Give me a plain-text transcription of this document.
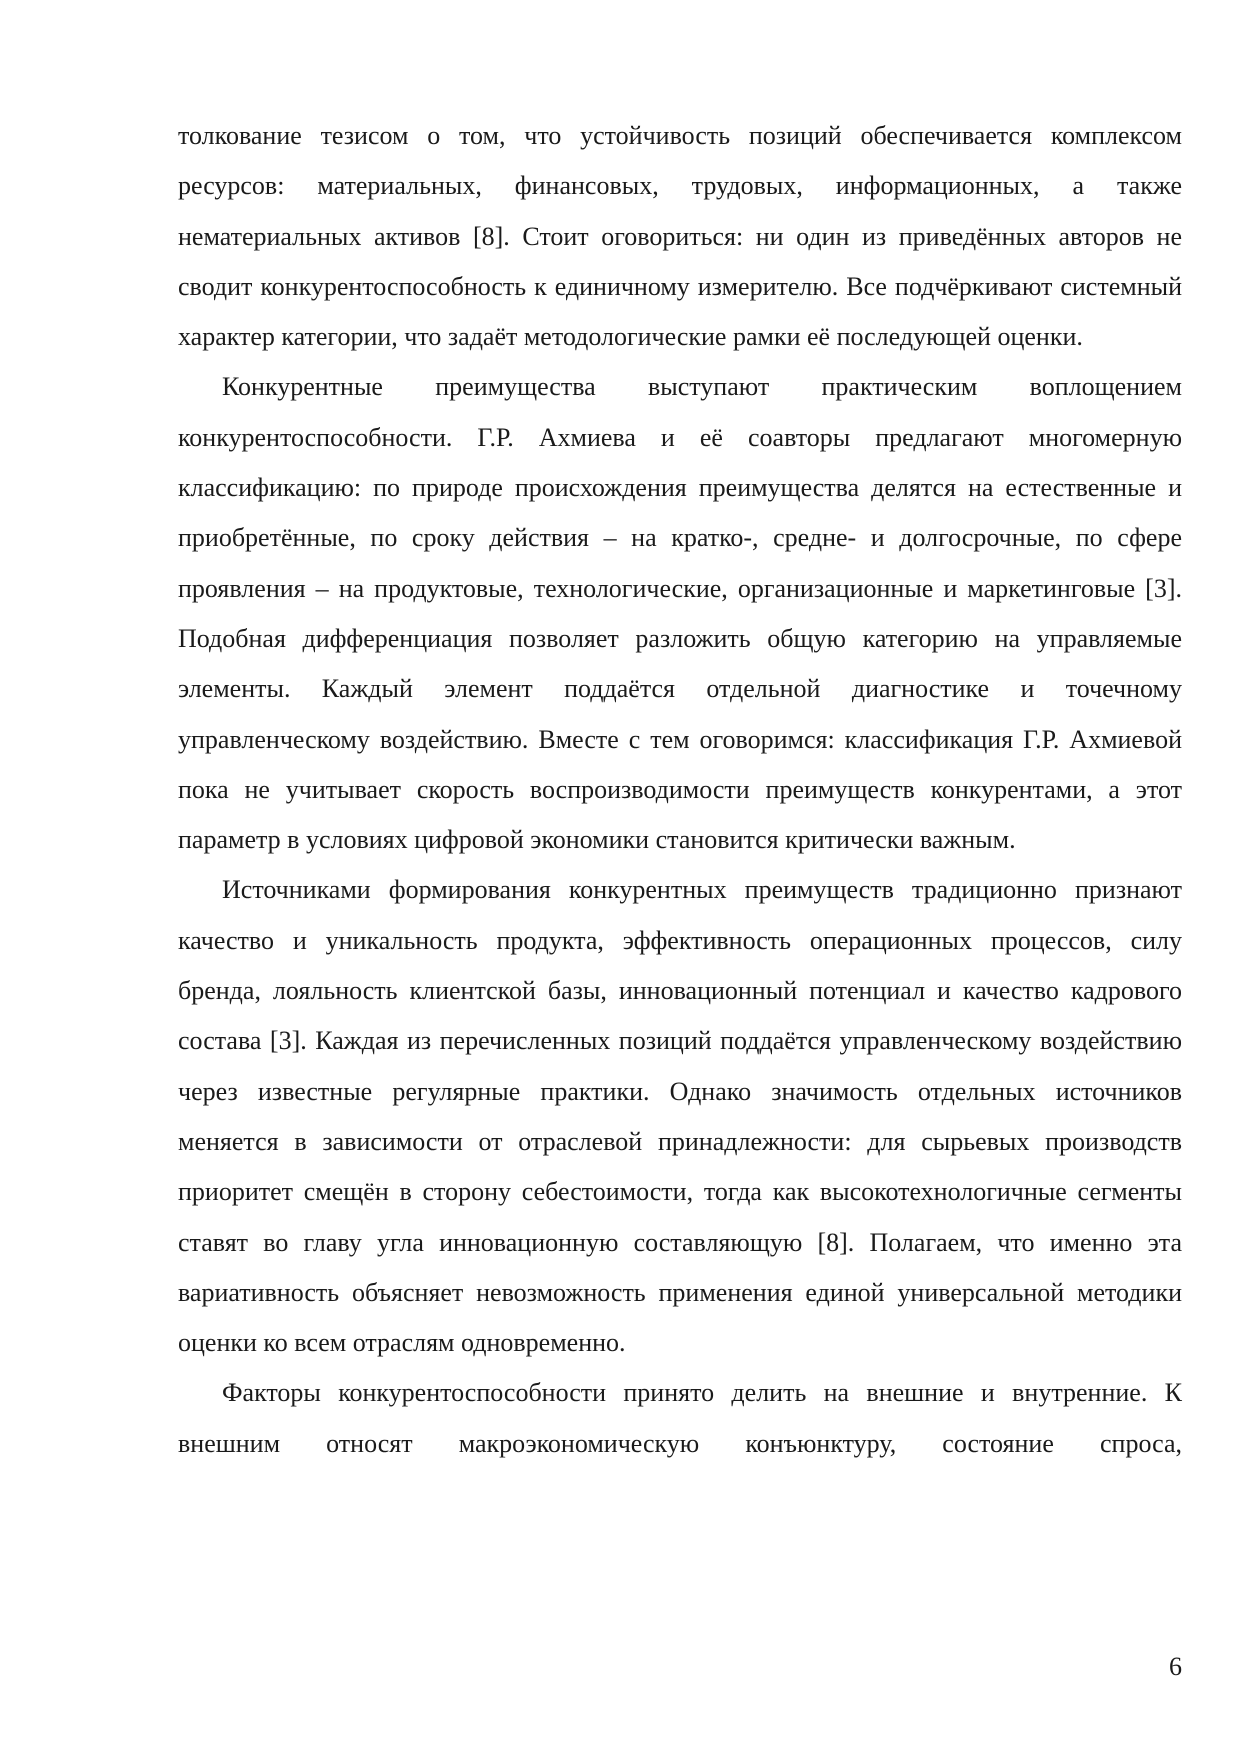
толкование тезисом о том, что устойчивость позиций обеспечивается комплексом ресурсов: материальных, финансовых, трудовых, информационных, а также нематериальных активов [8]. Стоит оговориться: ни один из приведённых авторов не сводит конкурентоспособность к единичному измерителю. Все подчёркивают системный характер категории, что задаёт методологические рамки её последующей оценки.

Конкурентные преимущества выступают практическим воплощением конкурентоспособности. Г.Р. Ахмиева и её соавторы предлагают многомерную классификацию: по природе происхождения преимущества делятся на естественные и приобретённые, по сроку действия – на кратко-, средне- и долгосрочные, по сфере проявления – на продуктовые, технологические, организационные и маркетинговые [3]. Подобная дифференциация позволяет разложить общую категорию на управляемые элементы. Каждый элемент поддаётся отдельной диагностике и точечному управленческому воздействию. Вместе с тем оговоримся: классификация Г.Р. Ахмиевой пока не учитывает скорость воспроизводимости преимуществ конкурентами, а этот параметр в условиях цифровой экономики становится критически важным.

Источниками формирования конкурентных преимуществ традиционно признают качество и уникальность продукта, эффективность операционных процессов, силу бренда, лояльность клиентской базы, инновационный потенциал и качество кадрового состава [3]. Каждая из перечисленных позиций поддаётся управленческому воздействию через известные регулярные практики. Однако значимость отдельных источников меняется в зависимости от отраслевой принадлежности: для сырьевых производств приоритет смещён в сторону себестоимости, тогда как высокотехнологичные сегменты ставят во главу угла инновационную составляющую [8]. Полагаем, что именно эта вариативность объясняет невозможность применения единой универсальной методики оценки ко всем отраслям одновременно.

Факторы конкурентоспособности принято делить на внешние и внутренние. К внешним относят макроэкономическую конъюнктуру, состояние спроса,

6
